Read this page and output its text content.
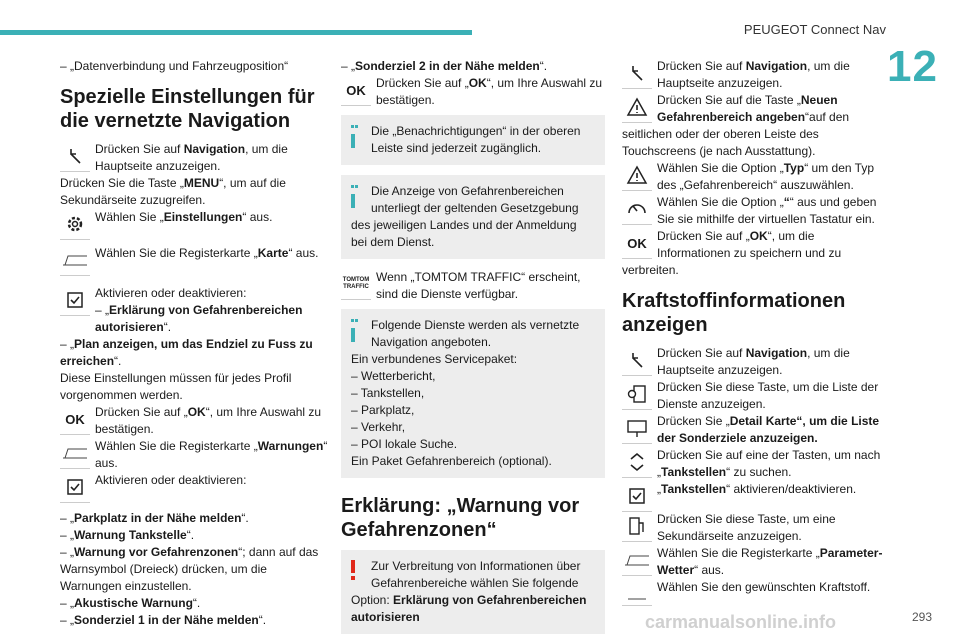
PEUGEOT Connect Nav
12
293
carmanualsonline.info

– „Datenverbindung und Fahrzeugposition“

Spezielle Einstellungen für die vernetzte Navigation
Drücken Sie auf Navigation, um die Hauptseite anzuzeigen.

Drücken Sie die Taste „MENU“, um auf die Sekundärseite zuzugreifen.

Wählen Sie „Einstellungen“ aus.
Wählen Sie die Registerkarte „Karte“ aus.
Aktivieren oder deaktivieren:
– „Erklärung von Gefahrenbereichen autorisieren“.

– „Plan anzeigen, um das Endziel zu Fuss zu erreichen“.

Diese Einstellungen müssen für jedes Profil vorgenommen werden.

OK Drücken Sie auf „OK“, um Ihre Auswahl zu bestätigen.
Wählen Sie die Registerkarte „Warnungen“ aus.
Aktivieren oder deaktivieren:

– „Parkplatz in der Nähe melden“.

– „Warnung Tankstelle“.

– „Warnung vor Gefahrenzonen“; dann auf das Warnsymbol (Dreieck) drücken, um die Warnungen einzustellen.

– „Akustische Warnung“.

– „Sonderziel 1 in der Nähe melden“.

– „Sonderziel 2 in der Nähe melden“.

OK Drücken Sie auf „OK“, um Ihre Auswahl zu bestätigen.
Die „Benachrichtigungen“ in der oberen Leiste sind jederzeit zugänglich.
Die Anzeige von Gefahrenbereichen unterliegt der geltenden Gesetzgebung
des jeweiligen Landes und der Anmeldung bei dem Dienst.
TOMTOM TRAFFIC
Wenn „TOMTOM TRAFFIC“ erscheint, sind die Dienste verfügbar.
Folgende Dienste werden als vernetzte Navigation angeboten.
Ein verbundenes Servicepaket:
– Wetterbericht,
– Tankstellen,
– Parkplatz,
– Verkehr,
– POI lokale Suche.
Ein Paket Gefahrenbereich (optional).
Erklärung: „Warnung vor Gefahrenzonen“
Zur Verbreitung von Informationen über Gefahrenbereiche wählen Sie folgende
Option: Erklärung von Gefahrenbereichen autorisieren
Drücken Sie auf Navigation, um die Hauptseite anzuzeigen.
Drücken Sie auf die Taste „Neuen Gefahrenbereich angeben“auf den

seitlichen oder der oberen Leiste des Touchscreens (je nach Ausstattung).

Wählen Sie die Option „Typ“ um den Typ des „Gefahrenbereich“ auszuwählen.
Wählen Sie die Option „““ aus und geben Sie sie mithilfe der virtuellen Tastatur ein.
OK Drücken Sie auf „OK“, um die Informationen zu speichern und zu

verbreiten.

Kraftstoffinformationen anzeigen
Drücken Sie auf Navigation, um die Hauptseite anzuzeigen.
Drücken Sie diese Taste, um die Liste der Dienste anzuzeigen.
Drücken Sie „Detail Karte“, um die Liste der Sonderziele anzuzeigen.
Drücken Sie auf eine der Tasten, um nach „Tankstellen“ zu suchen.
„Tankstellen“ aktivieren/deaktivieren.
Drücken Sie diese Taste, um eine Sekundärseite anzuzeigen.
Wählen Sie die Registerkarte „Parameter-Wetter“ aus.
Wählen Sie den gewünschten Kraftstoff.
